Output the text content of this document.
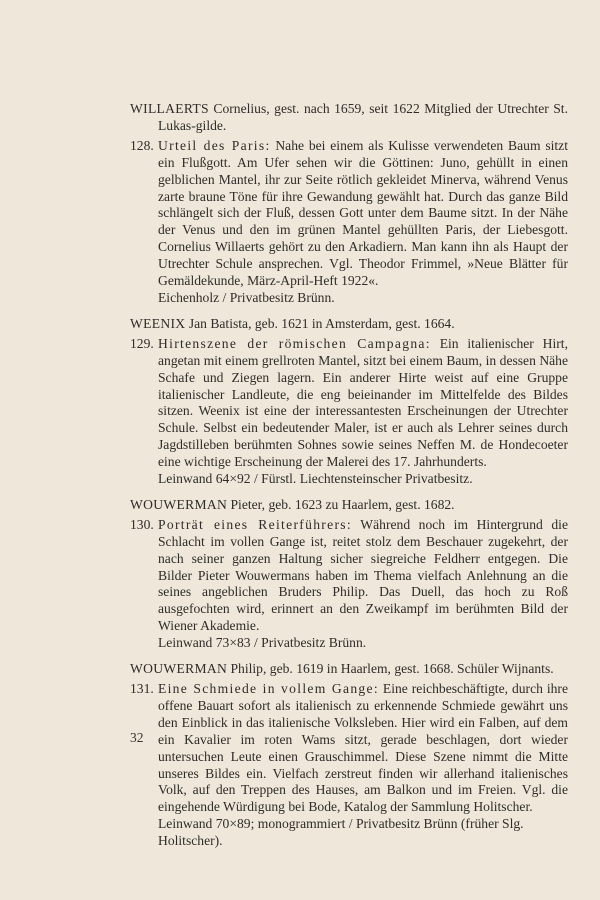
WILLAERTS Cornelius, gest. nach 1659, seit 1622 Mitglied der Utrechter St. Lukas-gilde.

128. Urteil des Paris: Nahe bei einem als Kulisse verwendeten Baum sitzt ein Flußgott. Am Ufer sehen wir die Göttinen: Juno, gehüllt in einen gelblichen Mantel, ihr zur Seite rötlich gekleidet Minerva, während Venus zarte braune Töne für ihre Gewandung gewählt hat. Durch das ganze Bild schlängelt sich der Fluß, dessen Gott unter dem Baume sitzt. In der Nähe der Venus und den im grünen Mantel gehüllten Paris, der Liebesgott. Cornelius Willaerts gehört zu den Arkadiern. Man kann ihn als Haupt der Utrechter Schule ansprechen. Vgl. Theodor Frimmel, »Neue Blätter für Gemäldekunde, März-April-Heft 1922«.
Eichenholz / Privatbesitz Brünn.

WEENIX Jan Batista, geb. 1621 in Amsterdam, gest. 1664.

129. Hirtenszene der römischen Campagna: Ein italienischer Hirt, angetan mit einem grellroten Mantel, sitzt bei einem Baum, in dessen Nähe Schafe und Ziegen lagern. Ein anderer Hirte weist auf eine Gruppe italienischer Landleute, die eng beieinander im Mittelfelde des Bildes sitzen. Weenix ist eine der interessantesten Erscheinungen der Utrechter Schule. Selbst ein bedeutender Maler, ist er auch als Lehrer seines durch Jagdstilleben berühmten Sohnes sowie seines Neffen M. de Hondecoeter eine wichtige Erscheinung der Malerei des 17. Jahrhunderts.
Leinwand 64×92 / Fürstl. Liechtensteinscher Privatbesitz.

WOUWERMAN Pieter, geb. 1623 zu Haarlem, gest. 1682.

130. Porträt eines Reiterführers: Während noch im Hintergrund die Schlacht im vollen Gange ist, reitet stolz dem Beschauer zugekehrt, der nach seiner ganzen Haltung sicher siegreiche Feldherr entgegen. Die Bilder Pieter Wouwermans haben im Thema vielfach Anlehnung an die seines angeblichen Bruders Philip. Das Duell, das hoch zu Roß ausgefochten wird, erinnert an den Zweikampf im berühmten Bild der Wiener Akademie.
Leinwand 73×83 / Privatbesitz Brünn.

WOUWERMAN Philip, geb. 1619 in Haarlem, gest. 1668. Schüler Wijnants.

131. Eine Schmiede in vollem Gange: Eine reichbeschäftigte, durch ihre offene Bauart sofort als italienisch zu erkennende Schmiede gewährt uns den Einblick in das italienische Volksleben. Hier wird ein Falben, auf dem ein Kavalier im roten Wams sitzt, gerade beschlagen, dort wieder untersuchen Leute einen Grauschimmel. Diese Szene nimmt die Mitte unseres Bildes ein. Vielfach zerstreut finden wir allerhand italienisches Volk, auf den Treppen des Hauses, am Balkon und im Freien. Vgl. die eingehende Würdigung bei Bode, Katalog der Sammlung Holitscher.
Leinwand 70×89; monogrammiert / Privatbesitz Brünn (früher Slg. Holitscher).
32
